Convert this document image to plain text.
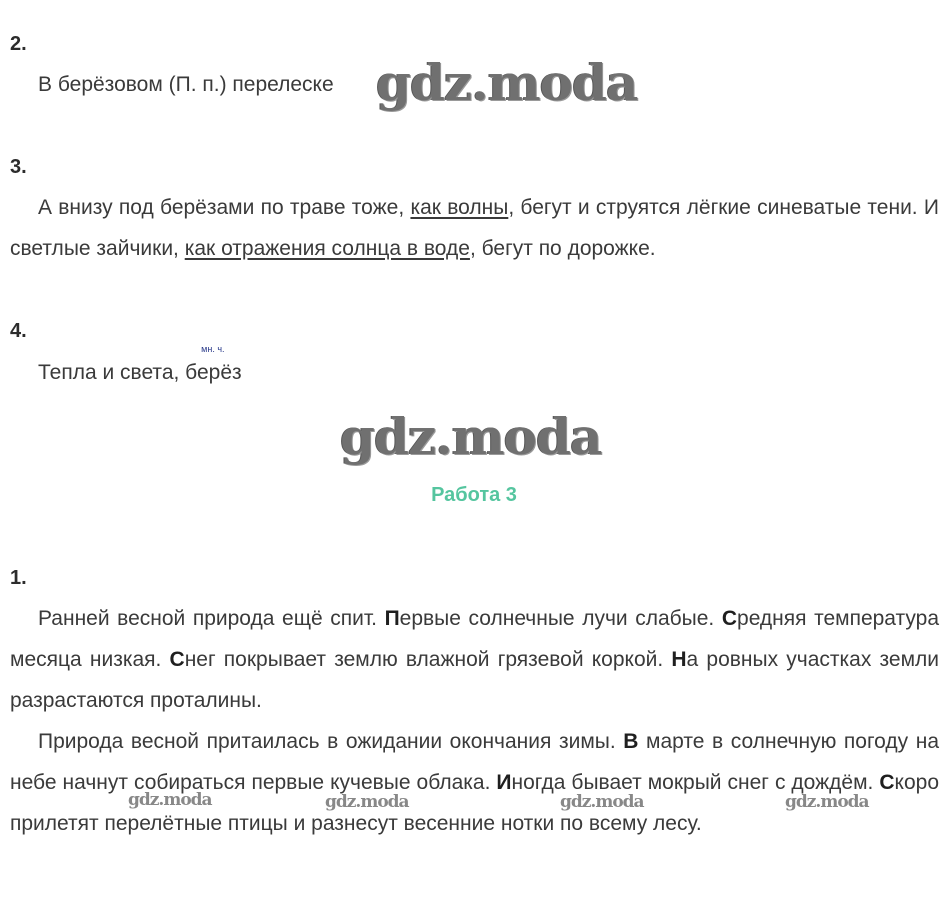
2.
В берёзовом (П. п.) перелеске gdz.moda
3.
А внизу под берёзами по траве тоже, как волны, бегут и струятся лёгкие синеватые тени. И светлые зайчики, как отражения солнца в воде, бегут по дорожке.
4.
Тепла и света,
мн. ч.
берёз
gdz.moda
Работа 3
1.
Ранней весной природа ещё спит. Первые солнечные лучи слабые. Средняя температура месяца низкая. Снег покрывает землю влажной грязевой коркой. На ровных участках земли разрастаются проталины.
Природа весной притаилась в ожидании окончания зимы. В марте в солнечную погоду на небе начнут собираться первые кучевые облака. Иногда бывает мокрый снег с дождём. Скоро прилетят перелётные птицы и разнесут весенние нотки по всему лесу.
gdz.moda	gdz.moda	gdz.moda	gdz.moda
